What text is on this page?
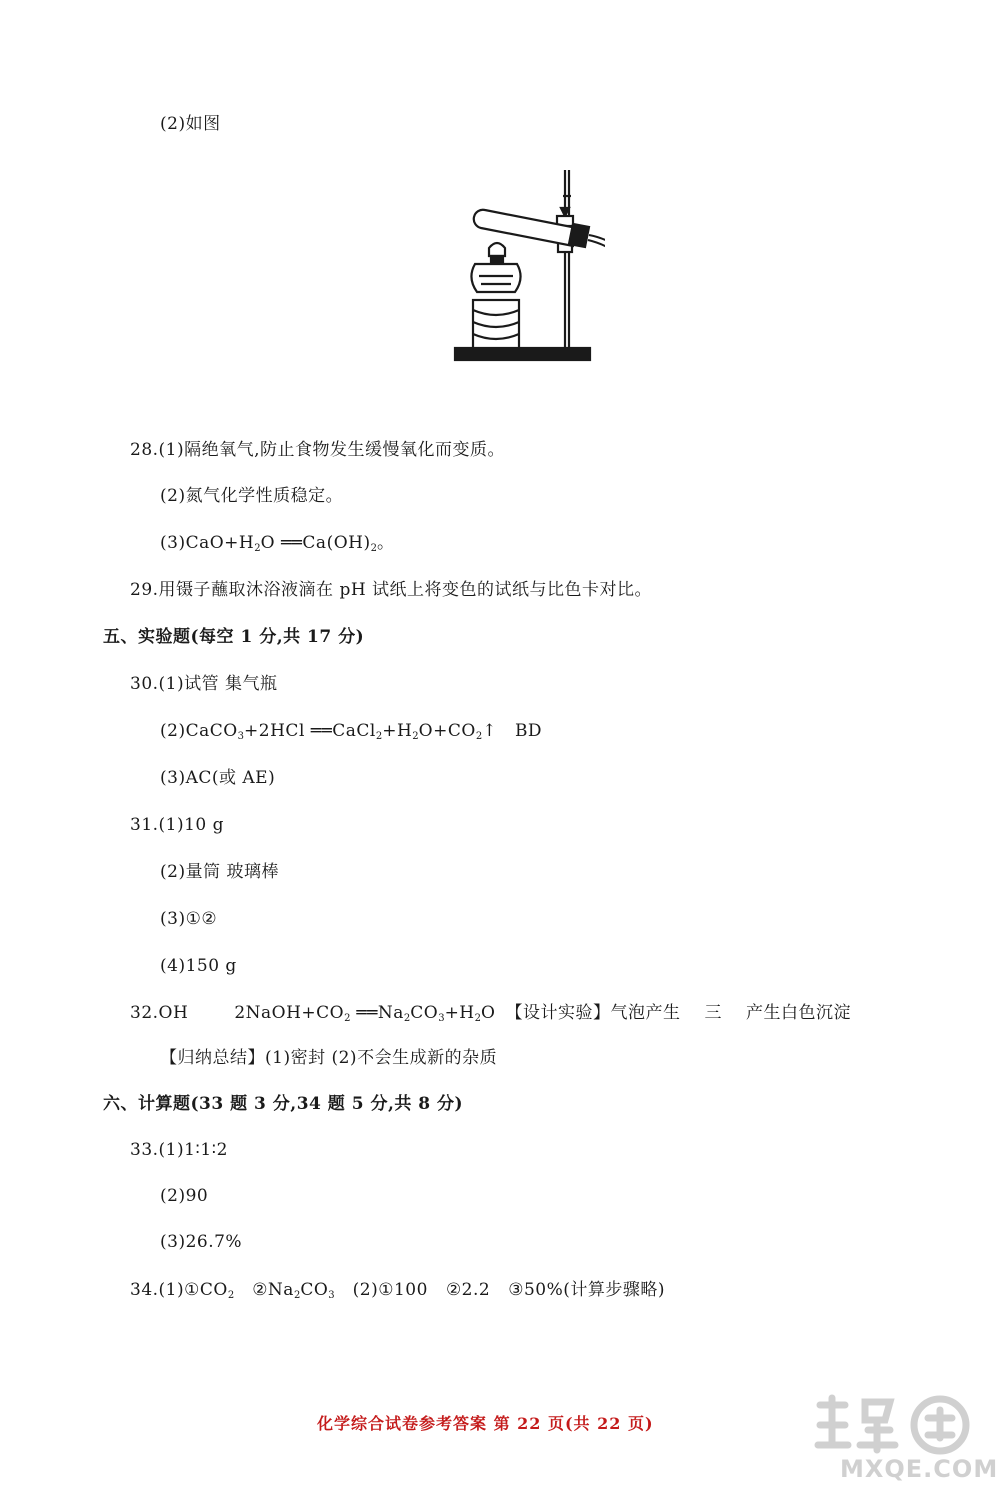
(2)如图
28.(1)隔绝氧气,防止食物发生缓慢氧化而变质。
(2)氮气化学性质稳定。
$(3)CaO+H_2O$ $══Ca(OH)_2$。
29.用镊子蘸取沐浴液滴在 pH 试纸上将变色的试纸与比色卡对比。
五、实验题(每空 1 分,共 17 分)
30.(1)试管 集气瓶
(2)CaCO$_3$+2HCl $══CaCl_2+H_2O+CO_2↑$ BD
(3)AC(或 AE)
31.(1)10 g
(2)量筒 玻璃棒
(3)①②
(4)150 g
32.OH	$2NaOH+CO_2$ $══Na_2CO_3+H_2O$ 【设计实验】气泡产生 三 产生白色沉淀
【归纳总结】(1)密封 (2)不会生成新的杂质
六、计算题(33 题 3 分,34 题 5 分,共 8 分)
33.(1)1∶1∶2
(2)90
(3)26.7%
$34.(1)①CO_2$ $②Na_2CO_3$ (2)①100 ②2.2 ③50%(计算步骤略)
化学综合试卷参考答案 第 22 页(共 22 页)
MXQE.COM
